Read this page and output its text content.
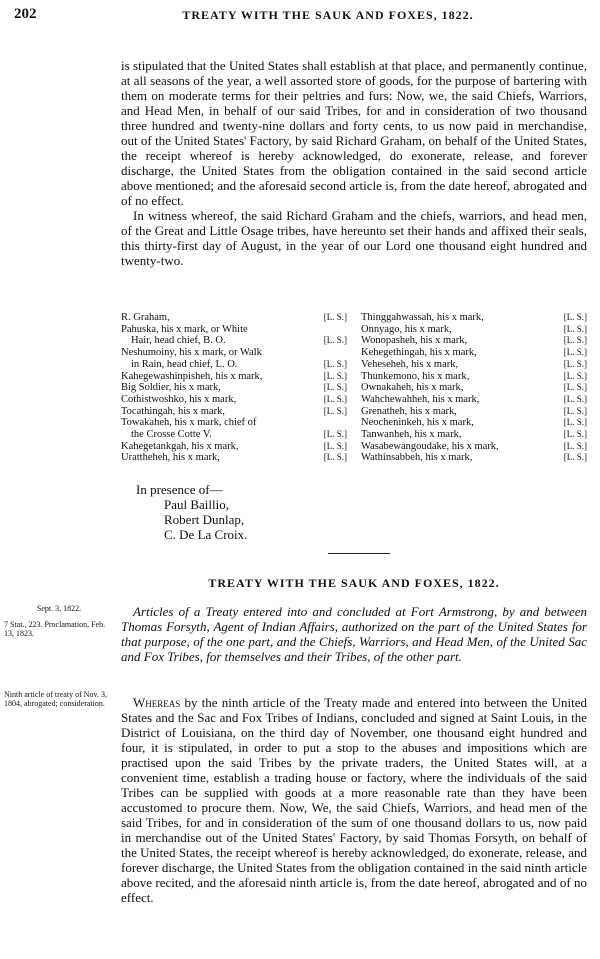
202	TREATY WITH THE SAUK AND FOXES, 1822.

is stipulated that the United States shall establish at that place, and permanently continue, at all seasons of the year, a well assorted store of goods, for the purpose of bartering with them on moderate terms for their peltries and furs: Now, we, the said Chiefs, Warriors, and Head Men, in behalf of our said Tribes, for and in consideration of two thousand three hundred and twenty-nine dollars and forty cents, to us now paid in merchandise, out of the United States' Factory, by said Richard Graham, on behalf of the United States, the receipt whereof is hereby acknowledged, do exonerate, release, and forever discharge, the United States from the obligation contained in the said second article above mentioned; and the aforesaid second article is, from the date hereof, abrogated and of no effect.

In witness whereof, the said Richard Graham and the chiefs, warriors, and head men, of the Great and Little Osage tribes, have hereunto set their hands and affixed their seals, this thirty-first day of August, in the year of our Lord one thousand eight hundred and twenty-two.

R. Graham,	[L. S.]
Pahuska, his x mark, or White
Hair, head chief, B. O.	[L. S.]
Neshumoiny, his x mark, or Walk
in Rain, head chief, L. O.	[L. S.]
Kahegewashinpisheh, his x mark,	[L. S.]
Big Soldier, his x mark,	[L. S.]
Cothistwoshko, his x mark,	[L. S.]
Tocathingah, his x mark,	[L. S.]
Towakaheh, his x mark, chief of
the Crosse Cotte V.	[L. S.]
Kahegetankgah, his x mark,	[L. S.]
Urattheheh, his x mark,	[L. S.]
Thinggahwassah, his x mark,	[L. S.]
Onnyago, his x mark,	[L. S.]
Wonopasheh, his x mark,	[L. S.]
Kehegethingah, his x mark,	[L. S.]
Veheseheh, his x mark,	[L. S.]
Thunkemono, his x mark,	[L. S.]
Ownakaheh, his x mark,	[L. S.]
Wahchewahheh, his x mark,	[L. S.]
Grenatheh, his x mark,	[L. S.]
Neocheninkeh, his x mark,	[L. S.]
Tanwanheh, his x mark,	[L. S.]
Wasabewangoudake, his x mark,	[L. S.]
Wathinsabbeh, his x mark,	[L. S.]
In presence of—
Paul Baillio,
Robert Dunlap,
C. De La Croix.
TREATY WITH THE SAUK AND FOXES, 1822.
Sept. 3, 1822.
7 Stat., 223. Proclamation, Feb. 13, 1823.
Ninth article of treaty of Nov. 3, 1804, abrogated; consideration.

Articles of a Treaty entered into and concluded at Fort Armstrong, by and between Thomas Forsyth, Agent of Indian Affairs, authorized on the part of the United States for that purpose, of the one part, and the Chiefs, Warriors, and Head Men, of the United Sac and Fox Tribes, for themselves and their Tribes, of the other part.

Whereas by the ninth article of the Treaty made and entered into between the United States and the Sac and Fox Tribes of Indians, concluded and signed at Saint Louis, in the District of Louisiana, on the third day of November, one thousand eight hundred and four, it is stipulated, in order to put a stop to the abuses and impositions which are practised upon the said Tribes by the private traders, the United States will, at a convenient time, establish a trading house or factory, where the individuals of the said Tribes can be supplied with goods at a more reasonable rate than they have been accustomed to procure them. Now, We, the said Chiefs, Warriors, and head men of the said Tribes, for and in consideration of the sum of one thousand dollars to us, now paid in merchandise out of the United States' Factory, by said Thomas Forsyth, on behalf of the United States, the receipt whereof is hereby acknowledged, do exonerate, release, and forever discharge, the United States from the obligation contained in the said ninth article above recited, and the aforesaid ninth article is, from the date hereof, abrogated and of no effect.
